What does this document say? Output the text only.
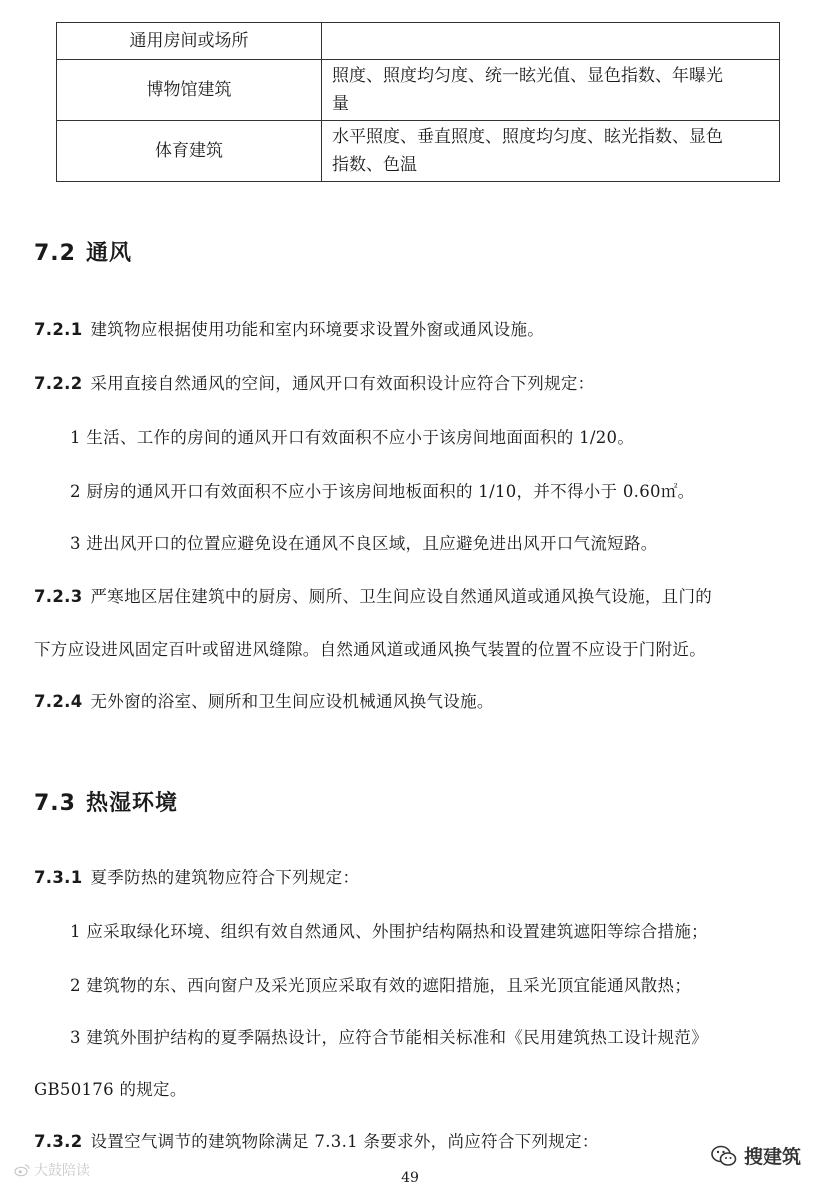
通用房间或场所	
博物馆建筑	照度、照度均匀度、统一眩光值、显色指数、年曝光
量
体育建筑	水平照度、垂直照度、照度均匀度、眩光指数、显色
指数、色温
7.2 通风
7.2.1 建筑物应根据使用功能和室内环境要求设置外窗或通风设施。
7.2.2 采用直接自然通风的空间，通风开口有效面积设计应符合下列规定：
1 生活、工作的房间的通风开口有效面积不应小于该房间地面面积的 1/20。
2 厨房的通风开口有效面积不应小于该房间地板面积的 1/10，并不得小于 0.60㎡。
3 进出风开口的位置应避免设在通风不良区域，且应避免进出风开口气流短路。
7.2.3 严寒地区居住建筑中的厨房、厕所、卫生间应设自然通风道或通风换气设施，且门的
下方应设进风固定百叶或留进风缝隙。自然通风道或通风换气装置的位置不应设于门附近。
7.2.4 无外窗的浴室、厕所和卫生间应设机械通风换气设施。
7.3 热湿环境
7.3.1 夏季防热的建筑物应符合下列规定：
1 应采取绿化环境、组织有效自然通风、外围护结构隔热和设置建筑遮阳等综合措施；
2 建筑物的东、西向窗户及采光顶应采取有效的遮阳措施，且采光顶宜能通风散热；
3 建筑外围护结构的夏季隔热设计，应符合节能相关标准和《民用建筑热工设计规范》
GB50176 的规定。
7.3.2 设置空气调节的建筑物除满足 7.3.1 条要求外，尚应符合下列规定：
大鼓陪读
搜建筑
49
